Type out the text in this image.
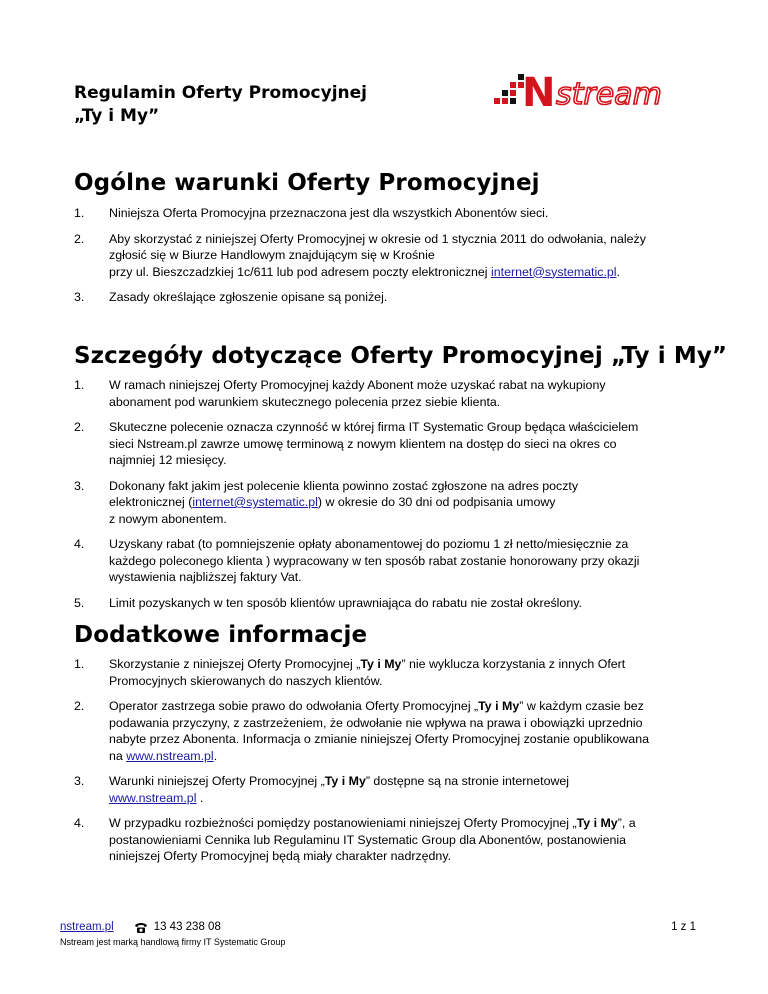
Regulamin Oferty Promocyjnej
„Ty i My”	N stream
Ogólne warunki Oferty Promocyjnej
1. Niniejsza Oferta Promocyjna przeznaczona jest dla wszystkich Abonentów sieci.
2. Aby skorzystać z niniejszej Oferty Promocyjnej w okresie od 1 stycznia 2011 do odwołania, należy
zgłosić się w Biurze Handlowym znajdującym się w Krośnie
przy ul. Bieszczadzkiej 1c/611 lub pod adresem poczty elektronicznej internet@systematic.pl.
3. Zasady określające zgłoszenie opisane są poniżej.
Szczegóły dotyczące Oferty Promocyjnej „Ty i My”
1. W ramach niniejszej Oferty Promocyjnej każdy Abonent może uzyskać rabat na wykupiony
abonament pod warunkiem skutecznego polecenia przez siebie klienta.
2. Skuteczne polecenie oznacza czynność w której firma IT Systematic Group będąca właścicielem
sieci Nstream.pl zawrze umowę terminową z nowym klientem na dostęp do sieci na okres co
najmniej 12 miesięcy.
3. Dokonany fakt jakim jest polecenie klienta powinno zostać zgłoszone na adres poczty
elektronicznej (internet@systematic.pl) w okresie do 30 dni od podpisania umowy
z nowym abonentem.
4. Uzyskany rabat (to pomniejszenie opłaty abonamentowej do poziomu 1 zł netto/miesięcznie za
każdego poleconego klienta ) wypracowany w ten sposób rabat zostanie honorowany przy okazji
wystawienia najbliższej faktury Vat.
5. Limit pozyskanych w ten sposób klientów uprawniająca do rabatu nie został określony.
Dodatkowe informacje
1. Skorzystanie z niniejszej Oferty Promocyjnej „Ty i My” nie wyklucza korzystania z innych Ofert
Promocyjnych skierowanych do naszych klientów.
2. Operator zastrzega sobie prawo do odwołania Oferty Promocyjnej „Ty i My” w każdym czasie bez
podawania przyczyny, z zastrzeżeniem, że odwołanie nie wpływa na prawa i obowiązki uprzednio
nabyte przez Abonenta. Informacja o zmianie niniejszej Oferty Promocyjnej zostanie opublikowana
na www.nstream.pl.
3. Warunki niniejszej Oferty Promocyjnej „Ty i My” dostępne są na stronie internetowej
www.nstream.pl .
4. W przypadku rozbieżności pomiędzy postanowieniami niniejszej Oferty Promocyjnej „Ty i My”, a
postanowieniami Cennika lub Regulaminu IT Systematic Group dla Abonentów, postanowienia
niniejszej Oferty Promocyjnej będą miały charakter nadrzędny.
nstream.pl	13 43 238 08
Nstream jest marką handlową firmy IT Systematic Group
1 z 1
